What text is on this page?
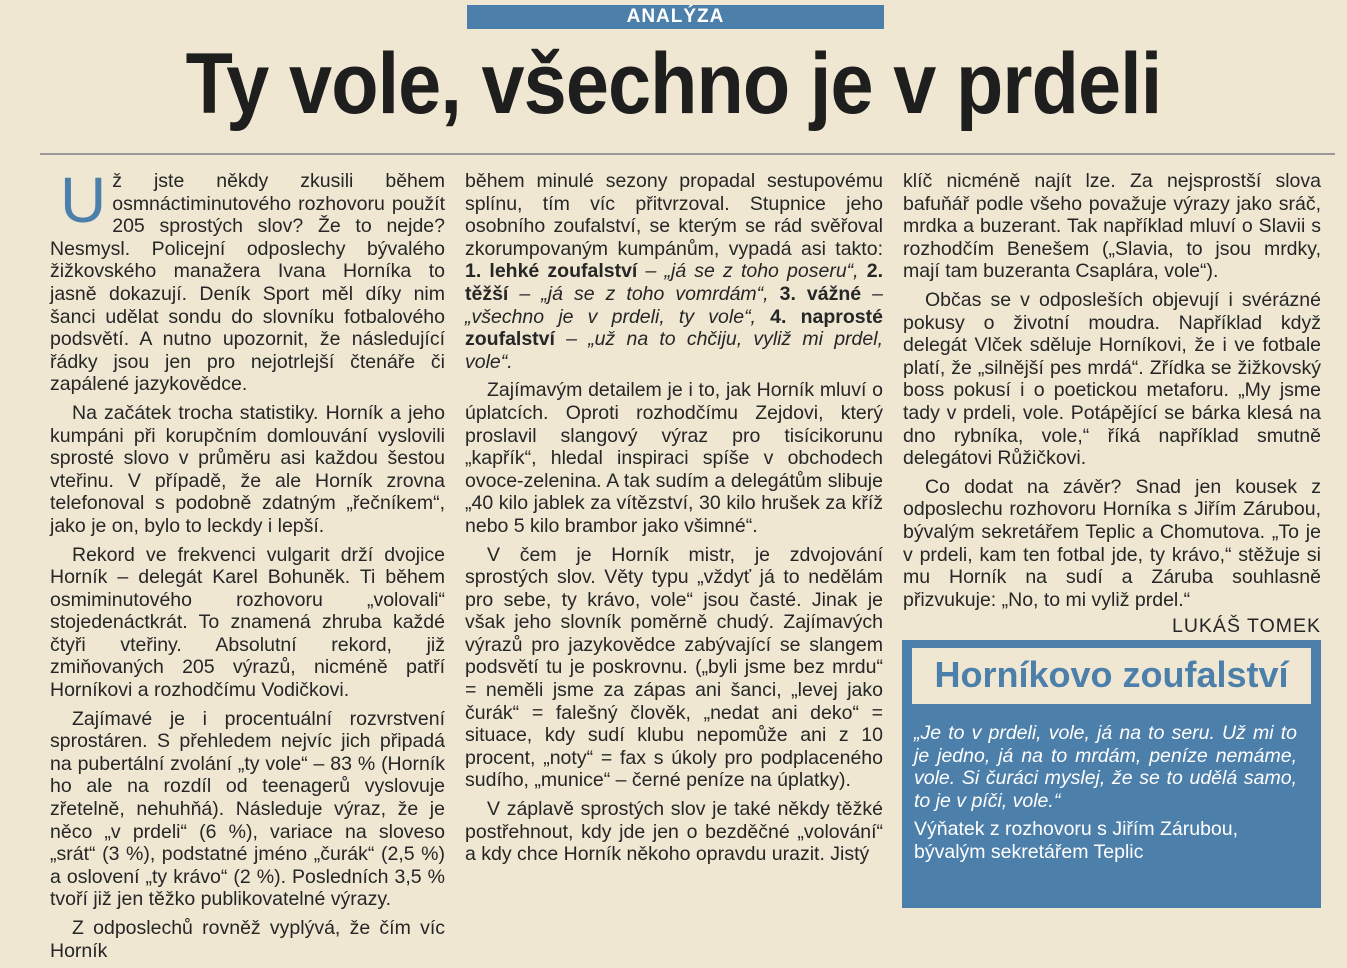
ANALÝZA
Ty vole, všechno je v prdeli

Už jste někdy zkusili během osmnáctiminutového rozhovoru použít 205 sprostých slov? Že to nejde? Nesmysl. Policejní odposlechy bývalého žižkovského manažera Ivana Horníka to jasně dokazují. Deník Sport měl díky nim šanci udělat sondu do slovníku fotbalového podsvětí. A nutno upozornit, že následující řádky jsou jen pro nejotrlejší čtenáře či zapálené jazykovědce.

Na začátek trocha statistiky. Horník a jeho kumpáni při korupčním domlouvání vyslovili sprosté slovo v průměru asi každou šestou vteřinu. V případě, že ale Horník zrovna telefonoval s podobně zdatným „řečníkem“, jako je on, bylo to leckdy i lepší.

Rekord ve frekvenci vulgarit drží dvojice Horník – delegát Karel Bohuněk. Ti během osmiminutového rozhovoru „volovali“ stojedenáctkrát. To znamená zhruba každé čtyři vteřiny. Absolutní rekord, již zmiňovaných 205 výrazů, nicméně patří Horníkovi a rozhodčímu Vodičkovi.

Zajímavé je i procentuální rozvrstvení sprostáren. S přehledem nejvíc jich připadá na pubertální zvolání „ty vole“ – 83 % (Horník ho ale na rozdíl od teenagerů vyslovuje zřetelně, nehuhňá). Následuje výraz, že je něco „v prdeli“ (6 %), variace na sloveso „srát“ (3 %), podstatné jméno „čurák“ (2,5 %) a oslovení „ty krávo“ (2 %). Posledních 3,5 % tvoří již jen těžko publikovatelné výrazy.

Z odposlechů rovněž vyplývá, že čím víc Horník

během minulé sezony propadal sestupovému splínu, tím víc přitvrzoval. Stupnice jeho osobního zoufalství, se kterým se rád svěřoval zkorumpovaným kumpánům, vypadá asi takto: 1. lehké zoufalství – „já se z toho poseru“, 2. těžší – „já se z toho vomrdám“, 3. vážné – „všechno je v prdeli, ty vole“, 4. naprosté zoufalství – „už na to chčiju, vyliž mi prdel, vole“.

Zajímavým detailem je i to, jak Horník mluví o úplatcích. Oproti rozhodčímu Zejdovi, který proslavil slangový výraz pro tisícikorunu „kapřík“, hledal inspiraci spíše v obchodech ovoce-zelenina. A tak sudím a delegátům slibuje „40 kilo jablek za vítězství, 30 kilo hrušek za kříž nebo 5 kilo brambor jako všimné“.

V čem je Horník mistr, je zdvojování sprostých slov. Věty typu „vždyť já to nedělám pro sebe, ty krávo, vole“ jsou časté. Jinak je však jeho slovník poměrně chudý. Zajímavých výrazů pro jazykovědce zabývající se slangem podsvětí tu je poskrovnu. („byli jsme bez mrdu“ = neměli jsme za zápas ani šanci, „levej jako čurák“ = falešný člověk, „nedat ani deko“ = situace, kdy sudí klubu nepomůže ani z 10 procent, „noty“ = fax s úkoly pro podplaceného sudího, „munice“ – černé peníze na úplatky).

V záplavě sprostých slov je také někdy těžké postřehnout, kdy jde jen o bezděčné „volování“ a kdy chce Horník někoho opravdu urazit. Jistý

klíč nicméně najít lze. Za nejsprostší slova bafuňář podle všeho považuje výrazy jako sráč, mrdka a buzerant. Tak například mluví o Slavii s rozhodčím Benešem („Slavia, to jsou mrdky, mají tam buzeranta Csaplára, vole“).

Občas se v odposleších objevují i svérázné pokusy o životní moudra. Například když delegát Vlček sděluje Horníkovi, že i ve fotbale platí, že „silnější pes mrdá“. Zřídka se žižkovský boss pokusí i o poetickou metaforu. „My jsme tady v prdeli, vole. Potápějící se bárka klesá na dno rybníka, vole,“ říká například smutně delegátovi Růžičkovi.

Co dodat na závěr? Snad jen kousek z odposlechu rozhovoru Horníka s Jiřím Zárubou, bývalým sekretářem Teplic a Chomutova. „To je v prdeli, kam ten fotbal jde, ty krávo,“ stěžuje si mu Horník na sudí a Záruba souhlasně přizvukuje: „No, to mi vyliž prdel.“

LUKÁŠ TOMEK
Horníkovo zoufalství
„Je to v prdeli, vole, já na to seru. Už mi to je jedno, já na to mrdám, peníze nemáme, vole. Si čuráci myslej, že se to udělá samo, to je v píči, vole.“
Výňatek z rozhovoru s Jiřím Zárubou, bývalým sekretářem Teplic
